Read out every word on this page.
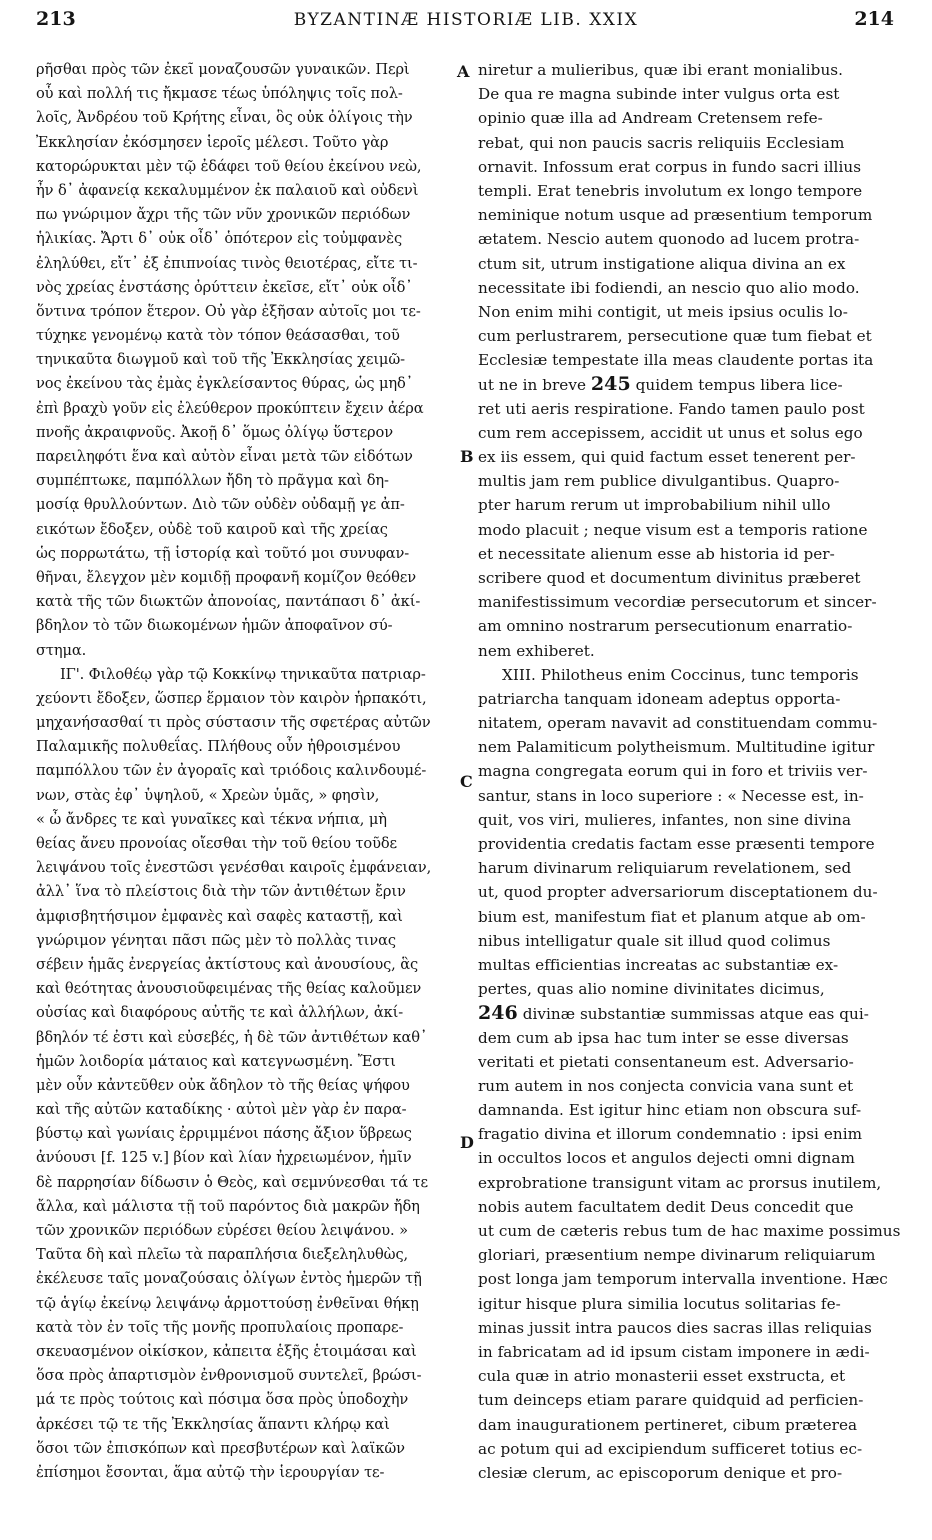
213	BYZANTINÆ HISTORIÆ LIB. XXIX	214
ρῆσθαι πρὸς τῶν ἐκεῖ μοναζουσῶν γυναικῶν. Περὶ
οὗ καὶ πολλή τις ἤκμασε τέως ὑπόληψις τοῖς πολ-
λοῖς, Ἀνδρέου τοῦ Κρήτης εἶναι, ὃς οὐκ ὀλίγοις τὴν
Ἐκκλησίαν ἐκόσμησεν ἱεροῖς μέλεσι. Τοῦτο γὰρ
κατορώρυκται μὲν τῷ ἐδάφει τοῦ θείου ἐκείνου νεὼ,
ἦν δ᾽ ἀφανείᾳ κεκαλυμμένον ἐκ παλαιοῦ καὶ οὐδενὶ
πω γνώριμον ἄχρι τῆς τῶν νῦν χρονικῶν περιόδων
ἡλικίας. Ἄρτι δ᾽ οὐκ οἶδ᾽ ὁπότερον εἰς τοὐμφανὲς
ἐληλύθει, εἴτ᾽ ἐξ ἐπιπνοίας τινὸς θειοτέρας, εἴτε τι-
νὸς χρείας ἐνστάσης ὀρύττειν ἐκεῖσε, εἴτ᾽ οὐκ οἶδ᾽
ὅντινα τρόπον ἕτερον. Οὐ γὰρ ἐξῆσαν αὐτοῖς μοι τε-
τύχηκε γενομένῳ κατὰ τὸν τόπον θεάσασθαι, τοῦ
τηνικαῦτα διωγμοῦ καὶ τοῦ τῆς Ἐκκλησίας χειμῶ-
νος ἐκείνου τὰς ἐμὰς ἐγκλείσαντος θύρας, ὡς μηδ᾽
ἐπὶ βραχὺ γοῦν εἰς ἐλεύθερον προκύπτειν ἔχειν ἀέρα
πνοῆς ἀκραιφνοῦς. Ἀκοῇ δ᾽ ὅμως ὀλίγῳ ὕστερον
παρειληφότι ἕνα καὶ αὐτὸν εἶναι μετὰ τῶν εἰδότων
συμπέπτωκε, παμπόλλων ἤδη τὸ πρᾶγμα καὶ δη-
μοσίᾳ θρυλλούντων. Διὸ τῶν οὐδὲν οὐδαμῇ γε ἀπ-
εικότων ἔδοξεν, οὐδὲ τοῦ καιροῦ καὶ τῆς χρείας
ὡς πορρωτάτω, τῇ ἱστορίᾳ καὶ τοῦτό μοι συνυφαν-
θῆναι, ἔλεγχον μὲν κομιδῇ προφανῆ κομίζον θεόθεν
κατὰ τῆς τῶν διωκτῶν ἀπονοίας, παντάπασι δ᾽ ἀκί-
βδηλον τὸ τῶν διωκομένων ἡμῶν ἀποφαῖνον σύ-
στημα.
ΙΓ'. Φιλοθέῳ γὰρ τῷ Κοκκίνῳ τηνικαῦτα πατριαρ-
χεύοντι ἔδοξεν, ὥσπερ ἕρμαιον τὸν καιρὸν ἡρπακότι,
μηχανήσασθαί τι πρὸς σύστασιν τῆς σφετέρας αὐτῶν
Παλαμικῆς πολυθεΐας. Πλήθους οὖν ἠθροισμένου
παμπόλλου τῶν ἐν ἀγοραῖς καὶ τριόδοις καλινδουμέ-
νων, στὰς ἐφ᾽ ὑψηλοῦ, « Χρεὼν ὑμᾶς, » φησὶν,
« ὦ ἄνδρες τε καὶ γυναῖκες καὶ τέκνα νήπια, μὴ
θείας ἄνευ προνοίας οἴεσθαι τὴν τοῦ θείου τοῦδε
λειψάνου τοῖς ἐνεστῶσι γενέσθαι καιροῖς ἐμφάνειαν,
ἀλλ᾽ ἵνα τὸ πλείστοις διὰ τὴν τῶν ἀντιθέτων ἔριν
ἀμφισβητήσιμον ἐμφανὲς καὶ σαφὲς καταστῇ, καὶ
γνώριμον γένηται πᾶσι πῶς μὲν τὸ πολλὰς τινας
σέβειν ἡμᾶς ἐνεργείας ἀκτίστους καὶ ἀνουσίους, ἃς
καὶ θεότητας ἀνουσιοῦφειμένας τῆς θείας καλοῦμεν
οὐσίας καὶ διαφόρους αὐτῆς τε καὶ ἀλλήλων, ἀκί-
βδηλόν τέ ἐστι καὶ εὐσεβές, ἡ δὲ τῶν ἀντιθέτων καθ᾽
ἡμῶν λοιδορία μάταιος καὶ κατεγνωσμένη. Ἔστι
μὲν οὖν κἀντεῦθεν οὐκ ἄδηλον τὸ τῆς θείας ψήφου
καὶ τῆς αὐτῶν καταδίκης · αὐτοὶ μὲν γὰρ ἐν παρα-
βύστῳ καὶ γωνίαις ἐρριμμένοι πάσης ἄξιον ὕβρεως
ἀνύουσι [f. 125 v.] βίον καὶ λίαν ἠχρειωμένον, ἡμῖν
δὲ παρρησίαν δίδωσιν ὁ Θεὸς, καὶ σεμνύνεσθαι τά τε
ἄλλα, καὶ μάλιστα τῇ τοῦ παρόντος διὰ μακρῶν ἤδη
τῶν χρονικῶν περιόδων εὑρέσει θείου λειψάνου. »
Ταῦτα δὴ καὶ πλεῖω τὰ παραπλήσια διεξεληλυθὼς,
ἐκέλευσε ταῖς μοναζούσαις ὀλίγων ἐντὸς ἡμερῶν τῇ
τῷ ἁγίῳ ἐκείνῳ λειψάνῳ ἁρμοττούσῃ ἐνθεῖναι θήκῃ
κατὰ τὸν ἐν τοῖς τῆς μονῆς προπυλαίοις προπαρε-
σκευασμένον οἰκίσκον, κἀπειτα ἑξῆς ἑτοιμάσαι καὶ
ὅσα πρὸς ἀπαρτισμὸν ἐνθρονισμοῦ συντελεῖ, βρώσι-
μά τε πρὸς τούτοις καὶ πόσιμα ὅσα πρὸς ὑποδοχὴν
ἀρκέσει τῷ τε τῆς Ἐκκλησίας ἅπαντι κλήρῳ καὶ
ὅσοι τῶν ἐπισκόπων καὶ πρεσβυτέρων καὶ λαϊκῶν
ἐπίσημοι ἔσονται, ἅμα αὐτῷ τὴν ἱερουργίαν τε-
niretur a mulieribus, quæ ibi erant monialibus.
De qua re magna subinde inter vulgus orta est
opinio quæ illa ad Andream Cretensem refe-
rebat, qui non paucis sacris reliquiis Ecclesiam
ornavit. Infossum erat corpus in fundo sacri illius
templi. Erat tenebris involutum ex longo tempore
neminique notum usque ad præsentium temporum
ætatem. Nescio autem quonodo ad lucem protra-
ctum sit, utrum instigatione aliqua divina an ex
necessitate ibi fodiendi, an nescio quo alio modo.
Non enim mihi contigit, ut meis ipsius oculis lo-
cum perlustrarem, persecutione quæ tum fiebat et
Ecclesiæ tempestate illa meas claudente portas ita
ut ne in breve 245 quidem tempus libera lice-
ret uti aeris respiratione. Fando tamen paulo post
cum rem accepissem, accidit ut unus et solus ego
ex iis essem, qui quid factum esset tenerent per-
multis jam rem publice divulgantibus. Quapro-
pter harum rerum ut improbabilium nihil ullo
modo placuit ; neque visum est a temporis ratione
et necessitate alienum esse ab historia id per-
scribere quod et documentum divinitus præberet
manifestissimum vecordiæ persecutorum et sincer-
am omnino nostrarum persecutionum enarratio-
nem exhiberet.
XIII. Philotheus enim Coccinus, tunc temporis
patriarcha tanquam idoneam adeptus opporta-
nitatem, operam navavit ad constituendam commu-
nem Palamiticum polytheismum. Multitudine igitur
magna congregata eorum qui in foro et triviis ver-
santur, stans in loco superiore : « Necesse est, in-
quit, vos viri, mulieres, infantes, non sine divina
providentia credatis factam esse præsenti tempore
harum divinarum reliquiarum revelationem, sed
ut, quod propter adversariorum disceptationem du-
bium est, manifestum fiat et planum atque ab om-
nibus intelligatur quale sit illud quod colimus
multas efficientias increatas ac substantiæ ex-
pertes, quas alio nomine divinitates dicimus,
246 divinæ substantiæ summissas atque eas qui-
dem cum ab ipsa hac tum inter se esse diversas
veritati et pietati consentaneum est. Adversario-
rum autem in nos conjecta convicia vana sunt et
damnanda. Est igitur hinc etiam non obscura suf-
fragatio divina et illorum condemnatio : ipsi enim
in occultos locos et angulos dejecti omni dignam
exprobratione transigunt vitam ac prorsus inutilem,
nobis autem facultatem dedit Deus concedit que
ut cum de cæteris rebus tum de hac maxime possimus
gloriari, præsentium nempe divinarum reliquiarum
post longa jam temporum intervalla inventione. Hæc
igitur hisque plura similia locutus solitarias fe-
minas jussit intra paucos dies sacras illas reliquias
in fabricatam ad id ipsum cistam imponere in ædi-
cula quæ in atrio monasterii esset exstructa, et
tum deinceps etiam parare quidquid ad perficien-
dam inaugurationem pertineret, cibum præterea
ac potum qui ad excipiendum sufficeret totius ec-
clesiæ clerum, ac episcoporum denique et pro-
A
B
C
D
